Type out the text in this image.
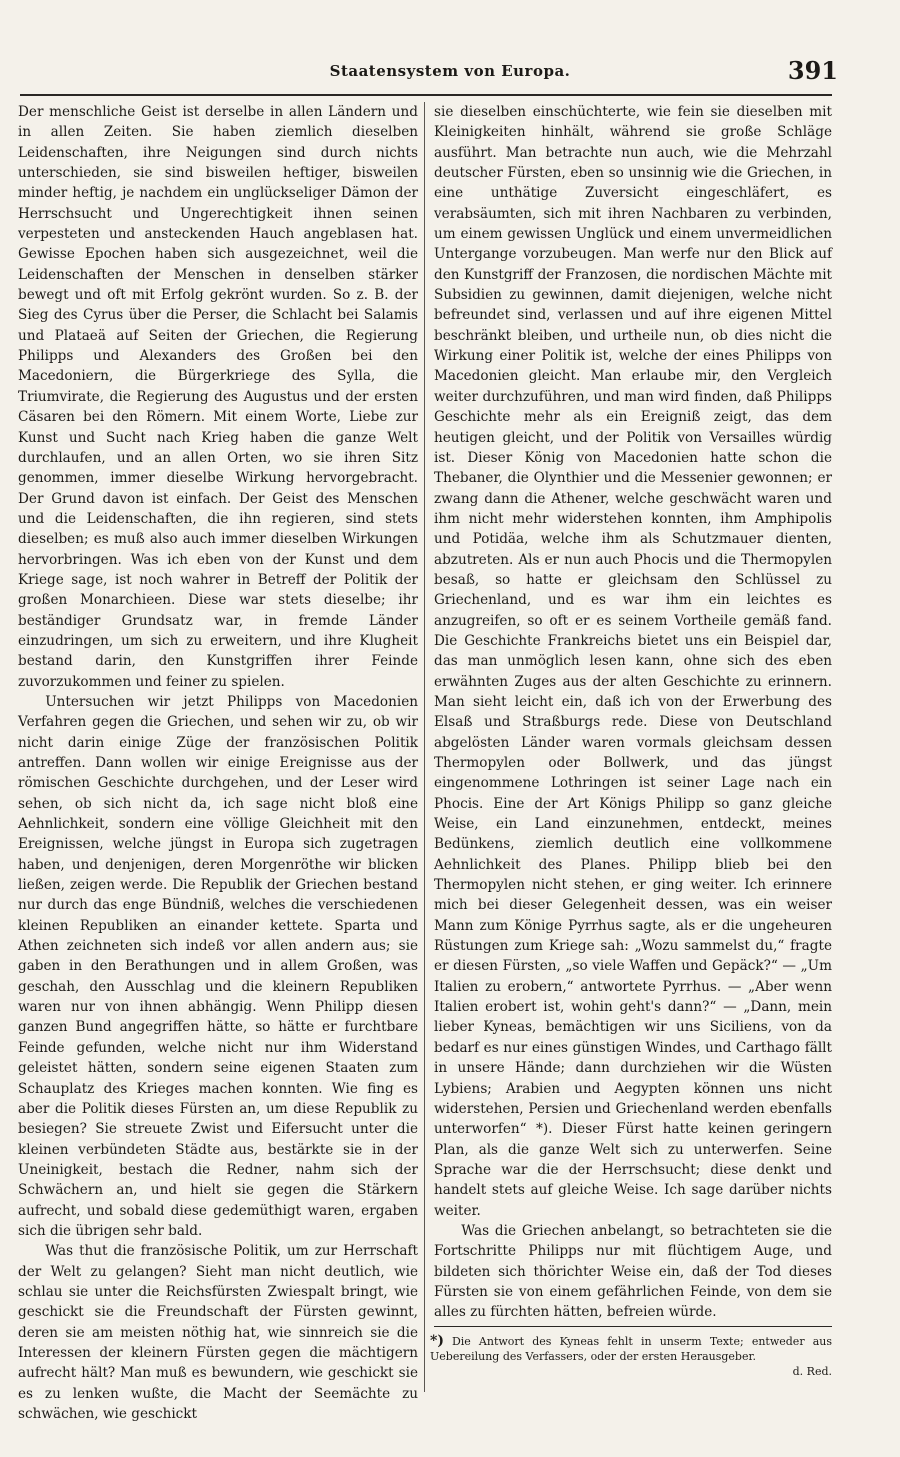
Staatensystem von Europa.	391

Der menschliche Geist ist derselbe in allen Ländern und in allen Zeiten. Sie haben ziemlich dieselben Leidenschaften, ihre Neigungen sind durch nichts unterschieden, sie sind bisweilen heftiger, bisweilen minder heftig, je nachdem ein unglückseliger Dämon der Herrschsucht und Ungerechtigkeit ihnen seinen verpesteten und ansteckenden Hauch angeblasen hat. Gewisse Epochen haben sich ausgezeichnet, weil die Leidenschaften der Menschen in denselben stärker bewegt und oft mit Erfolg gekrönt wurden. So z. B. der Sieg des Cyrus über die Perser, die Schlacht bei Salamis und Plataeä auf Seiten der Griechen, die Regierung Philipps und Alexanders des Großen bei den Macedoniern, die Bürgerkriege des Sylla, die Triumvirate, die Regierung des Augustus und der ersten Cäsaren bei den Römern. Mit einem Worte, Liebe zur Kunst und Sucht nach Krieg haben die ganze Welt durchlaufen, und an allen Orten, wo sie ihren Sitz genommen, immer dieselbe Wirkung hervorgebracht. Der Grund davon ist einfach. Der Geist des Menschen und die Leidenschaften, die ihn regieren, sind stets dieselben; es muß also auch immer dieselben Wirkungen hervorbringen. Was ich eben von der Kunst und dem Kriege sage, ist noch wahrer in Betreff der Politik der großen Monarchieen. Diese war stets dieselbe; ihr beständiger Grundsatz war, in fremde Länder einzudringen, um sich zu erweitern, und ihre Klugheit bestand darin, den Kunstgriffen ihrer Feinde zuvorzukommen und feiner zu spielen.

Untersuchen wir jetzt Philipps von Macedonien Verfahren gegen die Griechen, und sehen wir zu, ob wir nicht darin einige Züge der französischen Politik antreffen. Dann wollen wir einige Ereignisse aus der römischen Geschichte durchgehen, und der Leser wird sehen, ob sich nicht da, ich sage nicht bloß eine Aehnlichkeit, sondern eine völlige Gleichheit mit den Ereignissen, welche jüngst in Europa sich zugetragen haben, und denjenigen, deren Morgenröthe wir blicken ließen, zeigen werde. Die Republik der Griechen bestand nur durch das enge Bündniß, welches die verschiedenen kleinen Republiken an einander kettete. Sparta und Athen zeichneten sich indeß vor allen andern aus; sie gaben in den Berathungen und in allem Großen, was geschah, den Ausschlag und die kleinern Republiken waren nur von ihnen abhängig. Wenn Philipp diesen ganzen Bund angegriffen hätte, so hätte er furchtbare Feinde gefunden, welche nicht nur ihm Widerstand geleistet hätten, sondern seine eigenen Staaten zum Schauplatz des Krieges machen konnten. Wie fing es aber die Politik dieses Fürsten an, um diese Republik zu besiegen? Sie streuete Zwist und Eifersucht unter die kleinen verbündeten Städte aus, bestärkte sie in der Uneinigkeit, bestach die Redner, nahm sich der Schwächern an, und hielt sie gegen die Stärkern aufrecht, und sobald diese gedemüthigt waren, ergaben sich die übrigen sehr bald.

Was thut die französische Politik, um zur Herrschaft der Welt zu gelangen? Sieht man nicht deutlich, wie schlau sie unter die Reichsfürsten Zwiespalt bringt, wie geschickt sie die Freundschaft der Fürsten gewinnt, deren sie am meisten nöthig hat, wie sinnreich sie die Interessen der kleinern Fürsten gegen die mächtigern aufrecht hält? Man muß es bewundern, wie geschickt sie es zu lenken wußte, die Macht der Seemächte zu schwächen, wie geschickt

sie dieselben einschüchterte, wie fein sie dieselben mit Kleinigkeiten hinhält, während sie große Schläge ausführt. Man betrachte nun auch, wie die Mehrzahl deutscher Fürsten, eben so unsinnig wie die Griechen, in eine unthätige Zuversicht eingeschläfert, es verabsäumten, sich mit ihren Nachbaren zu verbinden, um einem gewissen Unglück und einem unvermeidlichen Untergange vorzubeugen. Man werfe nur den Blick auf den Kunstgriff der Franzosen, die nordischen Mächte mit Subsidien zu gewinnen, damit diejenigen, welche nicht befreundet sind, verlassen und auf ihre eigenen Mittel beschränkt bleiben, und urtheile nun, ob dies nicht die Wirkung einer Politik ist, welche der eines Philipps von Macedonien gleicht. Man erlaube mir, den Vergleich weiter durchzuführen, und man wird finden, daß Philipps Geschichte mehr als ein Ereigniß zeigt, das dem heutigen gleicht, und der Politik von Versailles würdig ist. Dieser König von Macedonien hatte schon die Thebaner, die Olynthier und die Messenier gewonnen; er zwang dann die Athener, welche geschwächt waren und ihm nicht mehr widerstehen konnten, ihm Amphipolis und Potidäa, welche ihm als Schutzmauer dienten, abzutreten. Als er nun auch Phocis und die Thermopylen besaß, so hatte er gleichsam den Schlüssel zu Griechenland, und es war ihm ein leichtes es anzugreifen, so oft er es seinem Vortheile gemäß fand. Die Geschichte Frankreichs bietet uns ein Beispiel dar, das man unmöglich lesen kann, ohne sich des eben erwähnten Zuges aus der alten Geschichte zu erinnern. Man sieht leicht ein, daß ich von der Erwerbung des Elsaß und Straßburgs rede. Diese von Deutschland abgelösten Länder waren vormals gleichsam dessen Thermopylen oder Bollwerk, und das jüngst eingenommene Lothringen ist seiner Lage nach ein Phocis. Eine der Art Königs Philipp so ganz gleiche Weise, ein Land einzunehmen, entdeckt, meines Bedünkens, ziemlich deutlich eine vollkommene Aehnlichkeit des Planes. Philipp blieb bei den Thermopylen nicht stehen, er ging weiter. Ich erinnere mich bei dieser Gelegenheit dessen, was ein weiser Mann zum Könige Pyrrhus sagte, als er die ungeheuren Rüstungen zum Kriege sah: „Wozu sammelst du,“ fragte er diesen Fürsten, „so viele Waffen und Gepäck?“ — „Um Italien zu erobern,“ antwortete Pyrrhus. — „Aber wenn Italien erobert ist, wohin geht's dann?“ — „Dann, mein lieber Kyneas, bemächtigen wir uns Siciliens, von da bedarf es nur eines günstigen Windes, und Carthago fällt in unsere Hände; dann durchziehen wir die Wüsten Lybiens; Arabien und Aegypten können uns nicht widerstehen, Persien und Griechenland werden ebenfalls unterworfen“ *). Dieser Fürst hatte keinen geringern Plan, als die ganze Welt sich zu unterwerfen. Seine Sprache war die der Herrschsucht; diese denkt und handelt stets auf gleiche Weise. Ich sage darüber nichts weiter.

Was die Griechen anbelangt, so betrachteten sie die Fortschritte Philipps nur mit flüchtigem Auge, und bildeten sich thörichter Weise ein, daß der Tod dieses Fürsten sie von einem gefährlichen Feinde, von dem sie alles zu fürchten hätten, befreien würde.

*) Die Antwort des Kyneas fehlt in unserm Texte; entweder aus Uebereilung des Verfassers, oder der ersten Herausgeber.
d. Red.
